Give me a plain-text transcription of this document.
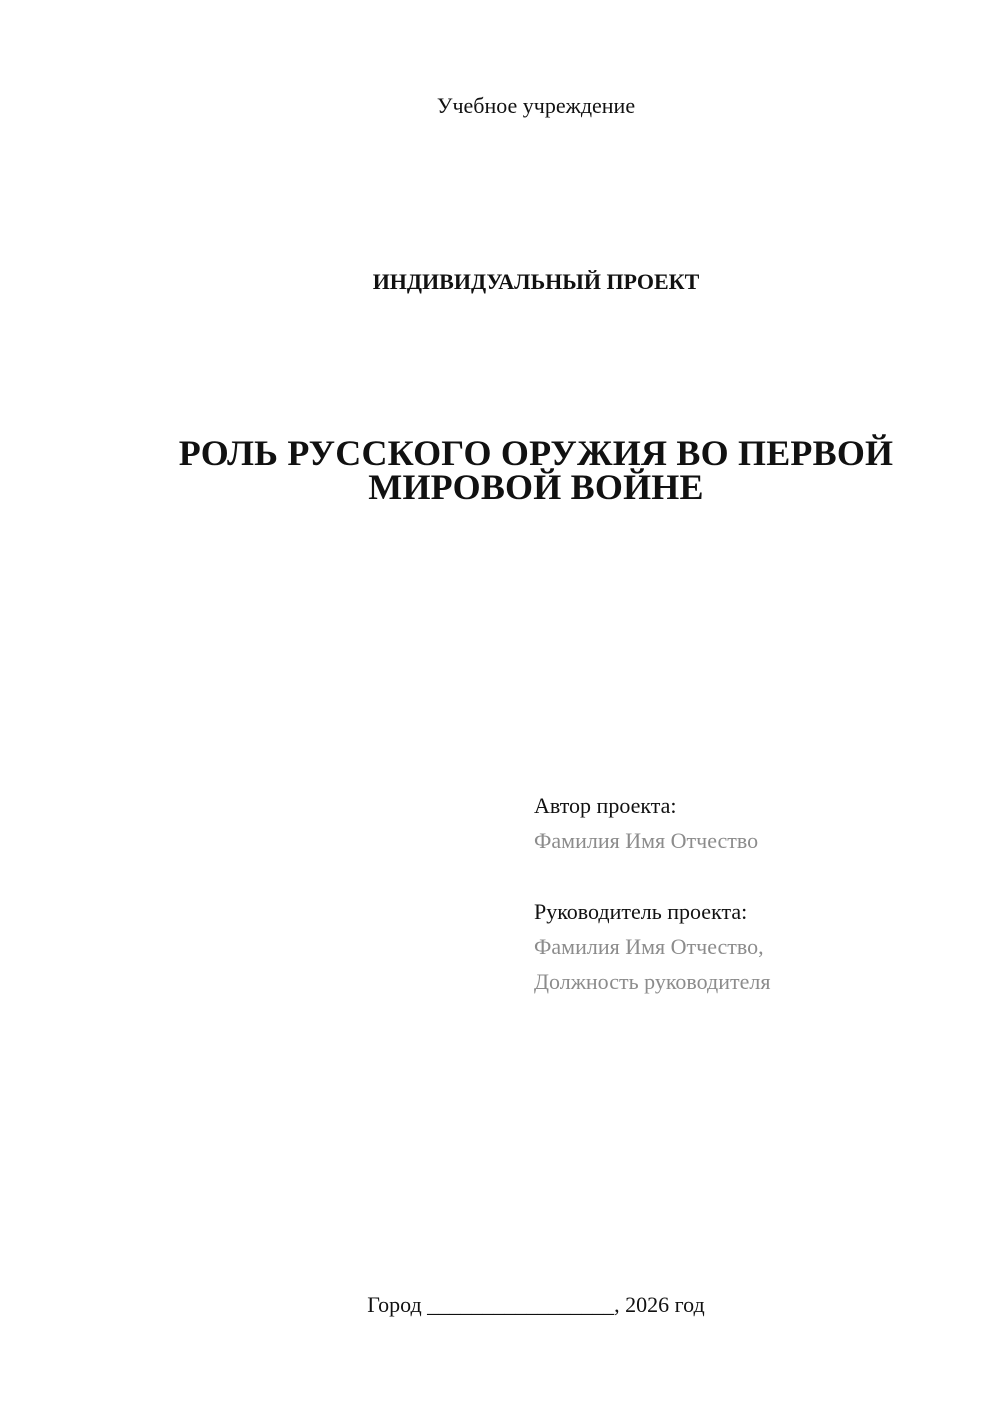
Учебное учреждение
ИНДИВИДУАЛЬНЫЙ ПРОЕКТ
РОЛЬ РУССКОГО ОРУЖИЯ ВО ПЕРВОЙ
МИРОВОЙ ВОЙНЕ
Автор проекта:
Фамилия Имя Отчество
Руководитель проекта:
Фамилия Имя Отчество,
Должность руководителя
Город _________________, 2026 год
